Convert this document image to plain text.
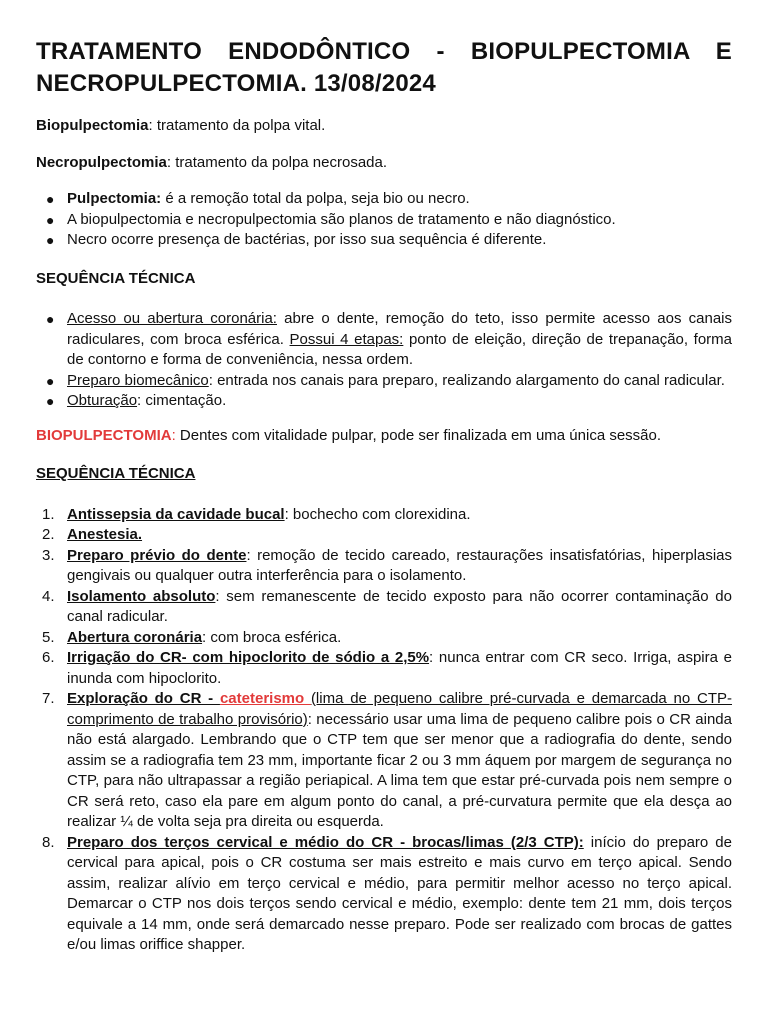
TRATAMENTO ENDODÔNTICO - BIOPULPECTOMIA E NECROPULPECTOMIA. 13/08/2024

Biopulpectomia: tratamento da polpa vital.

Necropulpectomia: tratamento da polpa necrosada.

● Pulpectomia: é a remoção total da polpa, seja bio ou necro.
● A biopulpectomia e necropulpectomia são planos de tratamento e não diagnóstico.
● Necro ocorre presença de bactérias, por isso sua sequência é diferente.
SEQUÊNCIA TÉCNICA
● Acesso ou abertura coronária: abre o dente, remoção do teto, isso permite acesso aos canais radiculares, com broca esférica. Possui 4 etapas: ponto de eleição, direção de trepanação, forma de contorno e forma de conveniência, nessa ordem.
● Preparo biomecânico: entrada nos canais para preparo, realizando alargamento do canal radicular.
● Obturação: cimentação.

BIOPULPECTOMIA: Dentes com vitalidade pulpar, pode ser finalizada em uma única sessão.

SEQUÊNCIA TÉCNICA
1. Antissepsia da cavidade bucal: bochecho com clorexidina.
2. Anestesia.
3. Preparo prévio do dente: remoção de tecido careado, restaurações insatisfatórias, hiperplasias gengivais ou qualquer outra interferência para o isolamento.
4. Isolamento absoluto: sem remanescente de tecido exposto para não ocorrer contaminação do canal radicular.
5. Abertura coronária: com broca esférica.
6. Irrigação do CR- com hipoclorito de sódio a 2,5%: nunca entrar com CR seco. Irriga, aspira e inunda com hipoclorito.
7. Exploração do CR - cateterismo (lima de pequeno calibre pré-curvada e demarcada no CTP-comprimento de trabalho provisório): necessário usar uma lima de pequeno calibre pois o CR ainda não está alargado. Lembrando que o CTP tem que ser menor que a radiografia do dente, sendo assim se a radiografia tem 23 mm, importante ficar 2 ou 3 mm áquem por margem de segurança no CTP, para não ultrapassar a região periapical. A lima tem que estar pré-curvada pois nem sempre o CR será reto, caso ela pare em algum ponto do canal, a pré-curvatura permite que ela desça ao realizar ¼ de volta seja pra direita ou esquerda.
8. Preparo dos terços cervical e médio do CR - brocas/limas (2/3 CTP): início do preparo de cervical para apical, pois o CR costuma ser mais estreito e mais curvo em terço apical. Sendo assim, realizar alívio em terço cervical e médio, para permitir melhor acesso no terço apical. Demarcar o CTP nos dois terços sendo cervical e médio, exemplo: dente tem 21 mm, dois terços equivale a 14 mm, onde será demarcado nesse preparo. Pode ser realizado com brocas de gattes e/ou limas oriffice shapper.
